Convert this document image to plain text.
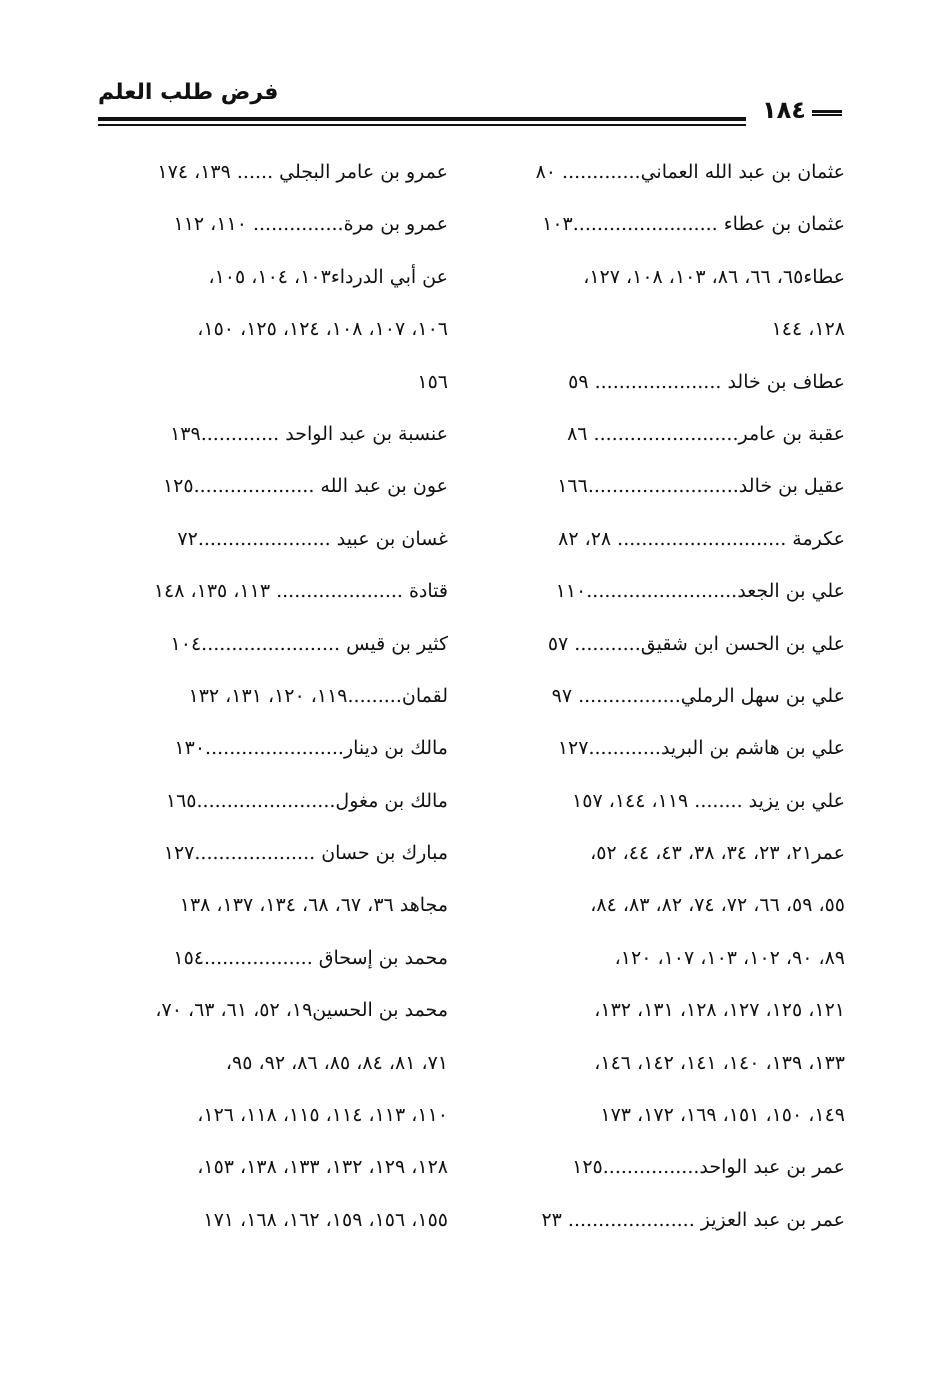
فرض طلب العلم
١٨٤
عثمان بن عبد الله العماني............. ٨٠
عثمان بن عطاء ........................١٠٣
عطاء٦٥، ٦٦، ٨٦، ١٠٣، ١٠٨، ١٢٧،
١٢٨، ١٤٤
عطاف بن خالد ..................... ٥٩
عقبة بن عامر........................ ٨٦
عقيل بن خالد.........................١٦٦
عكرمة ............................ ٢٨، ٨٢
علي بن الجعد.........................١١٠
علي بن الحسن ابن شقيق........... ٥٧
علي بن سهل الرملي................. ٩٧
علي بن هاشم بن البريد............١٢٧
علي بن يزيد ........ ١١٩، ١٤٤، ١٥٧
عمر٢١، ٢٣، ٣٤، ٣٨، ٤٣، ٤٤، ٥٢،
٥٥، ٥٩، ٦٦، ٧٢، ٧٤، ٨٢، ٨٣، ٨٤،
٨٩، ٩٠، ١٠٢، ١٠٣، ١٠٧، ١٢٠،
١٢١، ١٢٥، ١٢٧، ١٢٨، ١٣١، ١٣٢،
١٣٣، ١٣٩، ١٤٠، ١٤١، ١٤٢، ١٤٦،
١٤٩، ١٥٠، ١٥١، ١٦٩، ١٧٢، ١٧٣
عمر بن عبد الواحد................١٢٥
عمر بن عبد العزيز ..................... ٢٣
عمرو بن عامر البجلي ...... ١٣٩، ١٧٤
عمرو بن مرة............... ١١٠، ١١٢
عن أبي الدرداء١٠٣، ١٠٤، ١٠٥،
١٠٦، ١٠٧، ١٠٨، ١٢٤، ١٢٥، ١٥٠،
١٥٦
عنسبة بن عبد الواحد .............١٣٩
عون بن عبد الله ....................١٢٥
غسان بن عبيد ......................٧٢
قتادة ..................... ١١٣، ١٣٥، ١٤٨
كثير بن قيس .......................١٠٤
لقمان.........١١٩، ١٢٠، ١٣١، ١٣٢
مالك بن دينار.......................١٣٠
مالك بن مغول.......................١٦٥
مبارك بن حسان ....................١٢٧
مجاهد ٣٦، ٦٧، ٦٨، ١٣٤، ١٣٧، ١٣٨
محمد بن إسحاق ..................١٥٤
محمد بن الحسين١٩، ٥٢، ٦١، ٦٣، ٧٠،
٧١، ٨١، ٨٤، ٨٥، ٨٦، ٩٢، ٩٥،
١١٠، ١١٣، ١١٤، ١١٥، ١١٨، ١٢٦،
١٢٨، ١٢٩، ١٣٢، ١٣٣، ١٣٨، ١٥٣،
١٥٥، ١٥٦، ١٥٩، ١٦٢، ١٦٨، ١٧١
